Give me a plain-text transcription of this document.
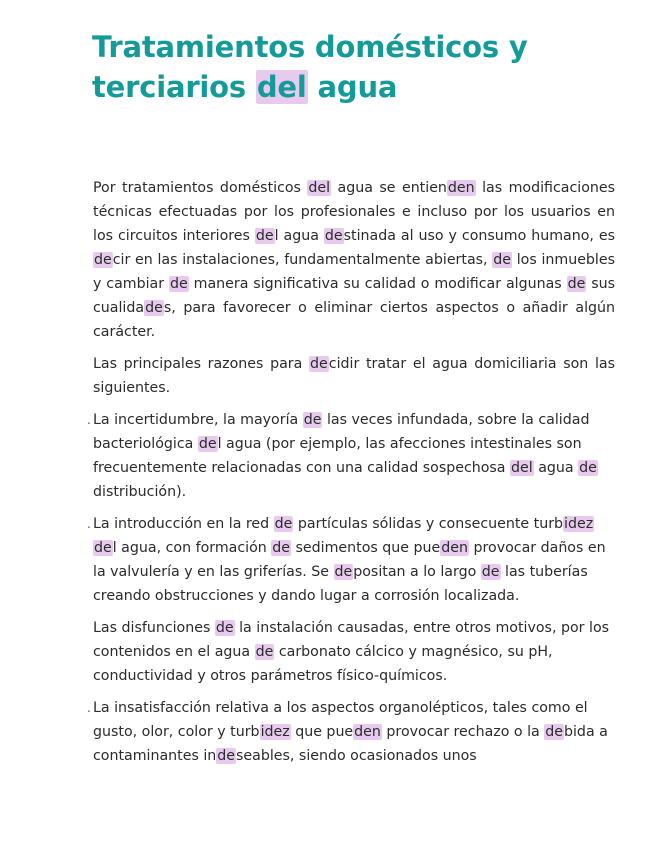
Tratamientos domésticos y terciarios del agua

Por tratamientos domésticos del agua se entienden las modificaciones técnicas efectuadas por los profesionales e incluso por los usuarios en los circuitos interiores del agua destinada al uso y consumo humano, es decir en las instalaciones, fundamentalmente abiertas, de los inmuebles y cambiar de manera significativa su calidad o modificar algunas de sus cualidades, para favorecer o eliminar ciertos aspectos o añadir algún carácter.

Las principales razones para decidir tratar el agua domiciliaria son las siguientes.

. La incertidumbre, la mayoría de las veces infundada, sobre la calidad bacteriológica del agua (por ejemplo, las afecciones intestinales son frecuentemente relacionadas con una calidad sospechosa del agua de distribución).

. La introducción en la red de partículas sólidas y consecuente turbidez del agua, con formación de sedimentos que pueden provocar daños en la valvulería y en las griferías. Se depositan a lo largo de las tuberías creando obstrucciones y dando lugar a corrosión localizada.

Las disfunciones de la instalación causadas, entre otros motivos, por los contenidos en el agua de carbonato cálcico y magnésico, su pH, conductividad y otros parámetros físico-químicos.

. La insatisfacción relativa a los aspectos organolépticos, tales como el gusto, olor, color y turbidez que pueden provocar rechazo o la debida a contaminantes indeseables, siendo ocasionados unos
